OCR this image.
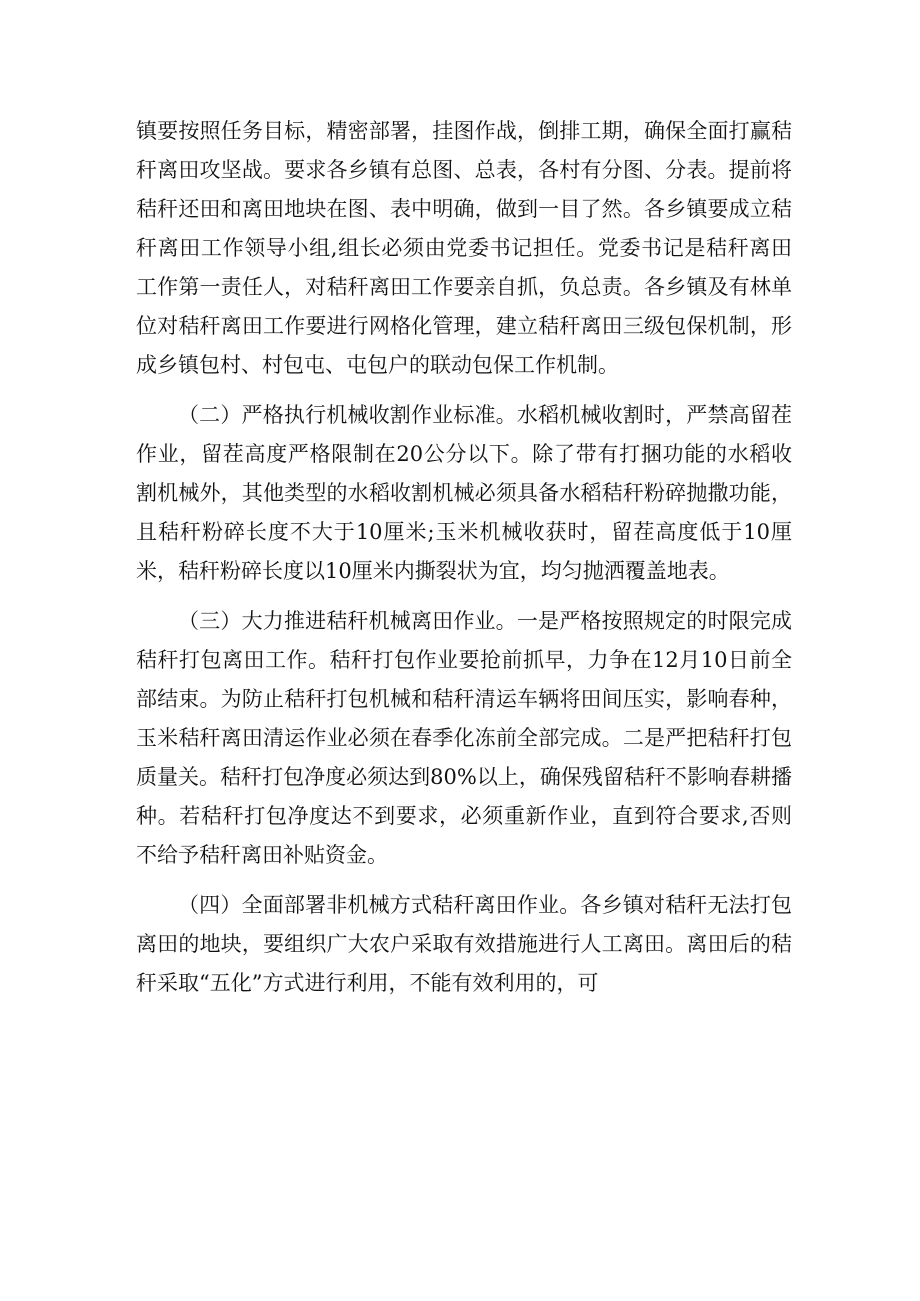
镇要按照任务目标，精密部署，挂图作战，倒排工期，确保全面打赢秸秆离田攻坚战。要求各乡镇有总图、总表，各村有分图、分表。提前将秸秆还田和离田地块在图、表中明确，做到一目了然。各乡镇要成立秸秆离田工作领导小组,组长必须由党委书记担任。党委书记是秸秆离田工作第一责任人，对秸秆离田工作要亲自抓，负总责。各乡镇及有林单位对秸秆离田工作要进行网格化管理，建立秸秆离田三级包保机制，形成乡镇包村、村包屯、屯包户的联动包保工作机制。

（二）严格执行机械收割作业标准。水稻机械收割时，严禁高留茬作业，留茬高度严格限制在20公分以下。除了带有打捆功能的水稻收割机械外，其他类型的水稻收割机械必须具备水稻秸秆粉碎抛撒功能，且秸秆粉碎长度不大于10厘米;玉米机械收获时，留茬高度低于10厘米，秸秆粉碎长度以10厘米内撕裂状为宜，均匀抛洒覆盖地表。

（三）大力推进秸秆机械离田作业。一是严格按照规定的时限完成秸秆打包离田工作。秸秆打包作业要抢前抓早，力争在12月10日前全部结束。为防止秸秆打包机械和秸秆清运车辆将田间压实，影响春种，玉米秸秆离田清运作业必须在春季化冻前全部完成。二是严把秸秆打包质量关。秸秆打包净度必须达到80%以上，确保残留秸秆不影响春耕播种。若秸秆打包净度达不到要求，必须重新作业，直到符合要求,否则不给予秸秆离田补贴资金。

（四）全面部署非机械方式秸秆离田作业。各乡镇对秸秆无法打包离田的地块，要组织广大农户采取有效措施进行人工离田。离田后的秸秆采取“五化”方式进行利用，不能有效利用的，可
